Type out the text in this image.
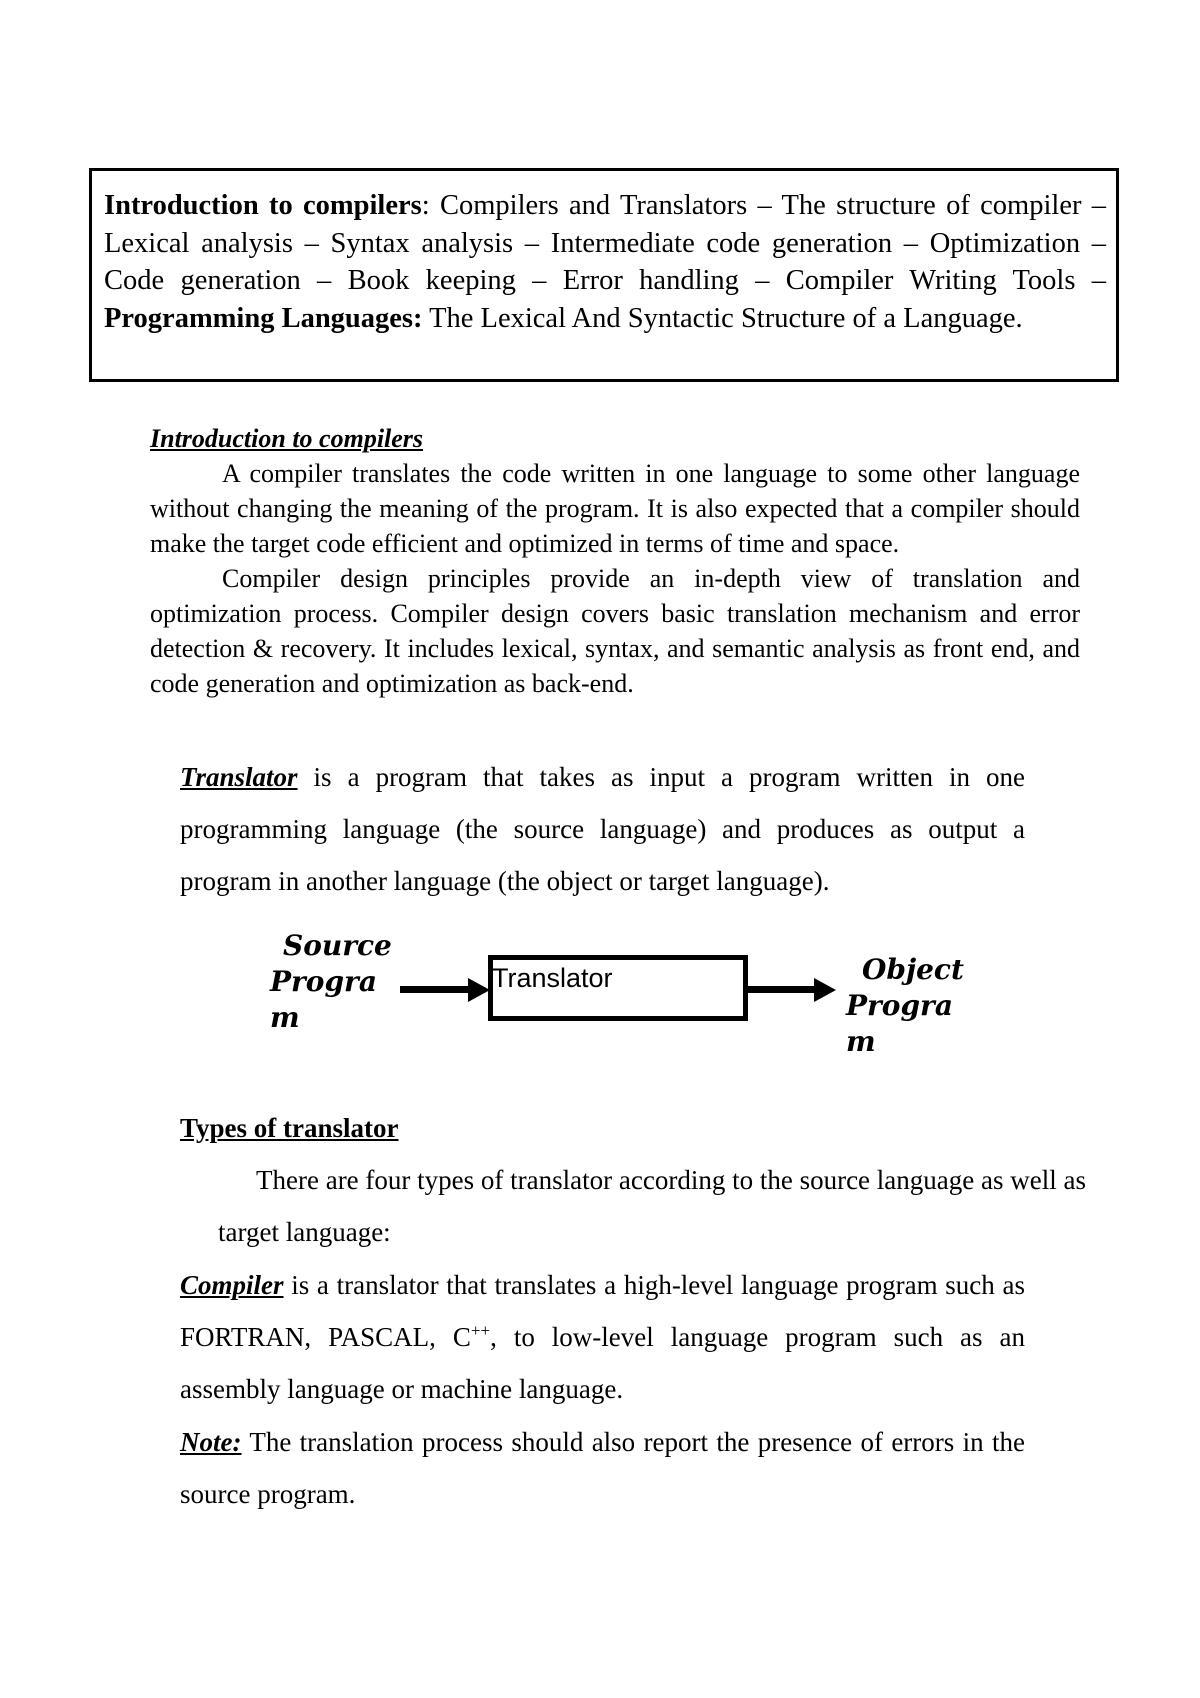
Introduction to compilers: Compilers and Translators – The structure of compiler – Lexical analysis – Syntax analysis – Intermediate code generation – Optimization – Code generation – Book keeping – Error handling – Compiler Writing Tools – Programming Languages: The Lexical And Syntactic Structure of a Language.
Introduction to compilers
A compiler translates the code written in one language to some other language without changing the meaning of the program. It is also expected that a compiler should make the target code efficient and optimized in terms of time and space.
Compiler design principles provide an in-depth view of translation and optimization process. Compiler design covers basic translation mechanism and error detection & recovery. It includes lexical, syntax, and semantic analysis as front end, and code generation and optimization as back-end.
Translator is a program that takes as input a program written in one programming language (the source language) and produces as output a program in another language (the object or target language).
Source
Progra
m
Translator	Object
Progra
m
Types of translator
There are four types of translator according to the source language as well as target language:
Compiler is a translator that translates a high-level language program such as FORTRAN, PASCAL, C++, to low-level language program such as an assembly language or machine language.
Note: The translation process should also report the presence of errors in the source program.
